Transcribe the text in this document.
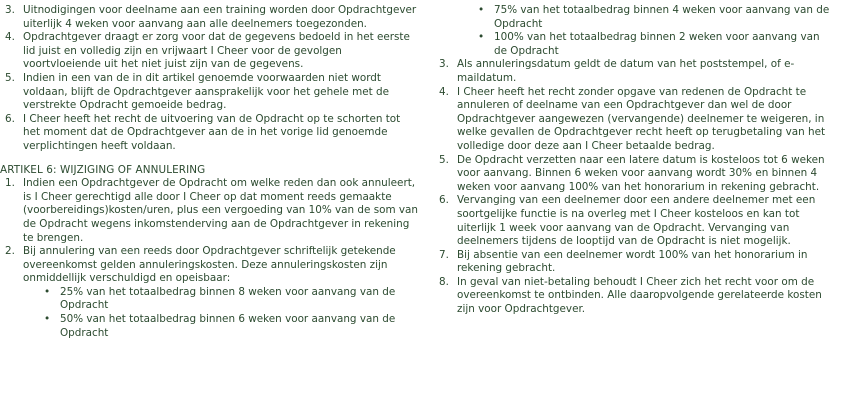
3. Uitnodigingen voor deelname aan een training worden door Opdrachtgever uiterlijk 4 weken voor aanvang aan alle deelnemers toegezonden.
4. Opdrachtgever draagt er zorg voor dat de gegevens bedoeld in het eerste lid juist en volledig zijn en vrijwaart I Cheer voor de gevolgen voortvloeiende uit het niet juist zijn van de gegevens.
5. Indien in een van de in dit artikel genoemde voorwaarden niet wordt voldaan, blijft de Opdrachtgever aansprakelijk voor het gehele met de verstrekte Opdracht gemoeide bedrag.
6. I Cheer heeft het recht de uitvoering van de Opdracht op te schorten tot het moment dat de Opdrachtgever aan de in het vorige lid genoemde verplichtingen heeft voldaan.
ARTIKEL 6: WIJZIGING OF ANNULERING
1. Indien een Opdrachtgever de Opdracht om welke reden dan ook annuleert, is I Cheer gerechtigd alle door I Cheer op dat moment reeds gemaakte (voorbereidings)kosten/uren, plus een vergoeding van 10% van de som van de Opdracht wegens inkomstenderving aan de Opdrachtgever in rekening te brengen.
2. Bij annulering van een reeds door Opdrachtgever schriftelijk getekende overeenkomst gelden annuleringskosten. Deze annuleringskosten zijn onmiddellijk verschuldigd en opeisbaar:
• 25% van het totaalbedrag binnen 8 weken voor aanvang van de Opdracht
• 50% van het totaalbedrag binnen 6 weken voor aanvang van de Opdracht
• 75% van het totaalbedrag binnen 4 weken voor aanvang van de Opdracht
• 100% van het totaalbedrag binnen 2 weken voor aanvang van de Opdracht
3. Als annuleringsdatum geldt de datum van het poststempel, of e-maildatum.
4. I Cheer heeft het recht zonder opgave van redenen de Opdracht te annuleren of deelname van een Opdrachtgever dan wel de door Opdrachtgever aangewezen (vervangende) deelnemer te weigeren, in welke gevallen de Opdrachtgever recht heeft op terugbetaling van het volledige door deze aan I Cheer betaalde bedrag.
5. De Opdracht verzetten naar een latere datum is kosteloos tot 6 weken voor aanvang. Binnen 6 weken voor aanvang wordt 30% en binnen 4 weken voor aanvang 100% van het honorarium in rekening gebracht.
6. Vervanging van een deelnemer door een andere deelnemer met een soortgelijke functie is na overleg met I Cheer kosteloos en kan tot uiterlijk 1 week voor aanvang van de Opdracht. Vervanging van deelnemers tijdens de looptijd van de Opdracht is niet mogelijk.
7. Bij absentie van een deelnemer wordt 100% van het honorarium in rekening gebracht.
8. In geval van niet-betaling behoudt I Cheer zich het recht voor om de overeenkomst te ontbinden. Alle daaropvolgende gerelateerde kosten zijn voor Opdrachtgever.
